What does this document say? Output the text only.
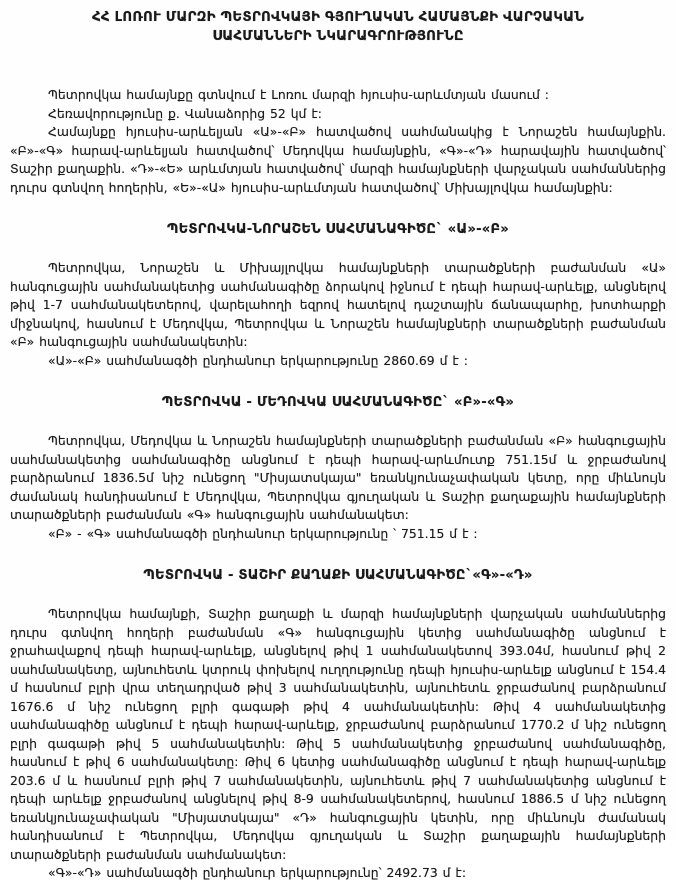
ՀՀ ԼՈՌՈՒ ՄԱՐԶԻ ՊԵՏՐՈՎԿԱՅԻ ԳՅՈՒՂԱԿԱՆ ՀԱՄԱՅՆՔԻ ՎԱՐՉԱԿԱՆ
ՍԱՀՄԱՆՆԵՐԻ ՆԿԱՐԱԳՐՈՒԹՅՈՒՆԸ

Պետրովկա համայնքը գտնվում է Լոռու մարզի հյուսիս-արևմտյան մասում :

Հեռավորությունը ք. Վանաձորից 52 կմ է:

Համայնքը հյուսիս-արևելյան «Ա»-«Բ» հատվածով սահմանակից է Նորաշեն համայնքին. «Բ»-«Գ» հարավ-արևելյան հատվածով՝ Մեդովկա համայնքին, «Գ»-«Դ» հարավային հատվածով՝ Տաշիր քաղաքին. «Դ»-«Ե» արևմտյան հատվածով՝ մարզի համայնքների վարչական սահմաններից դուրս գտնվող հողերին, «Ե»-«Ա» հյուսիս-արևմտյան հատվածով՝ Միխայլովկա համայնքին:

ՊԵՏՐՈՎԿԱ-ՆՈՐԱՇԵՆ ՍԱՀՄԱՆԱԳԻԾԸ` «Ա»-«Բ»

Պետրովկա, Նորաշեն և Միխայլովկա համայնքների տարածքների բաժանման «Ա» հանգուցային սահմանակետից սահմանագիծը ձորակով իջնում է դեպի հարավ-արևելք, անցնելով թիվ 1-7 սահմանակետերով, վարելահողի եզրով հատելով դաշտային ճանապարհը, խոտհարքի միջնակով, հասնում է Մեդովկա, Պետրովկա և Նորաշեն համայնքների տարածքների բաժանման «Բ» հանգուցային սահմանակետին:

«Ա»-«Բ» սահմանագծի ընդհանուր երկարությունը 2860.69 մ է :

ՊԵՏՐՈՎԿԱ - ՄԵԴՈՎԿԱ ՍԱՀՄԱՆԱԳԻԾԸ` «Բ»-«Գ»

Պետրովկա, Մեդովկա և Նորաշեն համայնքների տարածքների բաժանման «Բ» հանգուցային սահմանակետից սահմանագիծը անցնում է դեպի հարավ-արևմուտք 751.15մ և ջրբաժանով բարձրանում 1836.5մ նիշ ունեցող "Միսյատսկայա" եռանկյունաչափական կետը, որը միևնույն ժամանակ հանդիսանում է Մեդովկա, Պետրովկա գյուղական և Տաշիր քաղաքային համայնքների տարածքների բաժանման «Գ» հանգուցային սահմանակետ:

«Բ» - «Գ» սահմանագծի ընդհանուր երկարությունը ՝ 751.15 մ է :

ՊԵՏՐՈՎԿԱ - ՏԱՇԻՐ ՔԱՂԱՔԻ ՍԱՀՄԱՆԱԳԻԾԸ`«Գ»-«Դ»

Պետրովկա համայնքի, Տաշիր քաղաքի և մարզի համայնքների վարչական սահմաններից դուրս գտնվող հողերի բաժանման «Գ» հանգուցային կետից սահմանագիծը անցնում է ջրահավաքով դեպի հարավ-արևելք, անցնելով թիվ 1 սահմանակետով 393.04մ, հասնում թիվ 2 սահմանակետը, այնուհետև կտրուկ փոխելով ուղղությունը դեպի հյուսիս-արևելք անցնում է 154.4 մ հասնում բլրի վրա տեղադրված թիվ 3 սահմանակետին, այնուհետև ջրբաժանով բարձրանում 1676.6 մ նիշ ունեցող բլրի գագաթի թիվ 4 սահմանակետին: Թիվ 4 սահմանակետից սահմանագիծը անցնում է դեպի հարավ-արևելք, ջրբաժանով բարձրանում 1770.2 մ նիշ ունեցող բլրի գագաթի թիվ 5 սահմանակետին: Թիվ 5 սահմանակետից ջրբաժանով սահմանագիծը, հասնում է թիվ 6 սահմանակետը: Թիվ 6 կետից սահմանագիծը անցնում է դեպի հարավ-արևելք 203.6 մ և հասնում բլրի թիվ 7 սահմանակետին, այնուհետև թիվ 7 սահմանակետից անցնում է դեպի արևելք ջրբաժանով անցնելով թիվ 8-9 սահմանակետերով, հասնում 1886.5 մ նիշ ունեցող եռանկյունաչափական "Միսյատսկայա" «Դ» հանգուցային կետին, որը միևնույն ժամանակ հանդիսանում է Պետրովկա, Մեդովկա գյուղական և Տաշիր քաղաքային համայնքների տարածքների բաժանման սահմանակետ:

«Գ»-«Դ» սահմանագծի ընդհանուր երկարությունը՝ 2492.73 մ է:
